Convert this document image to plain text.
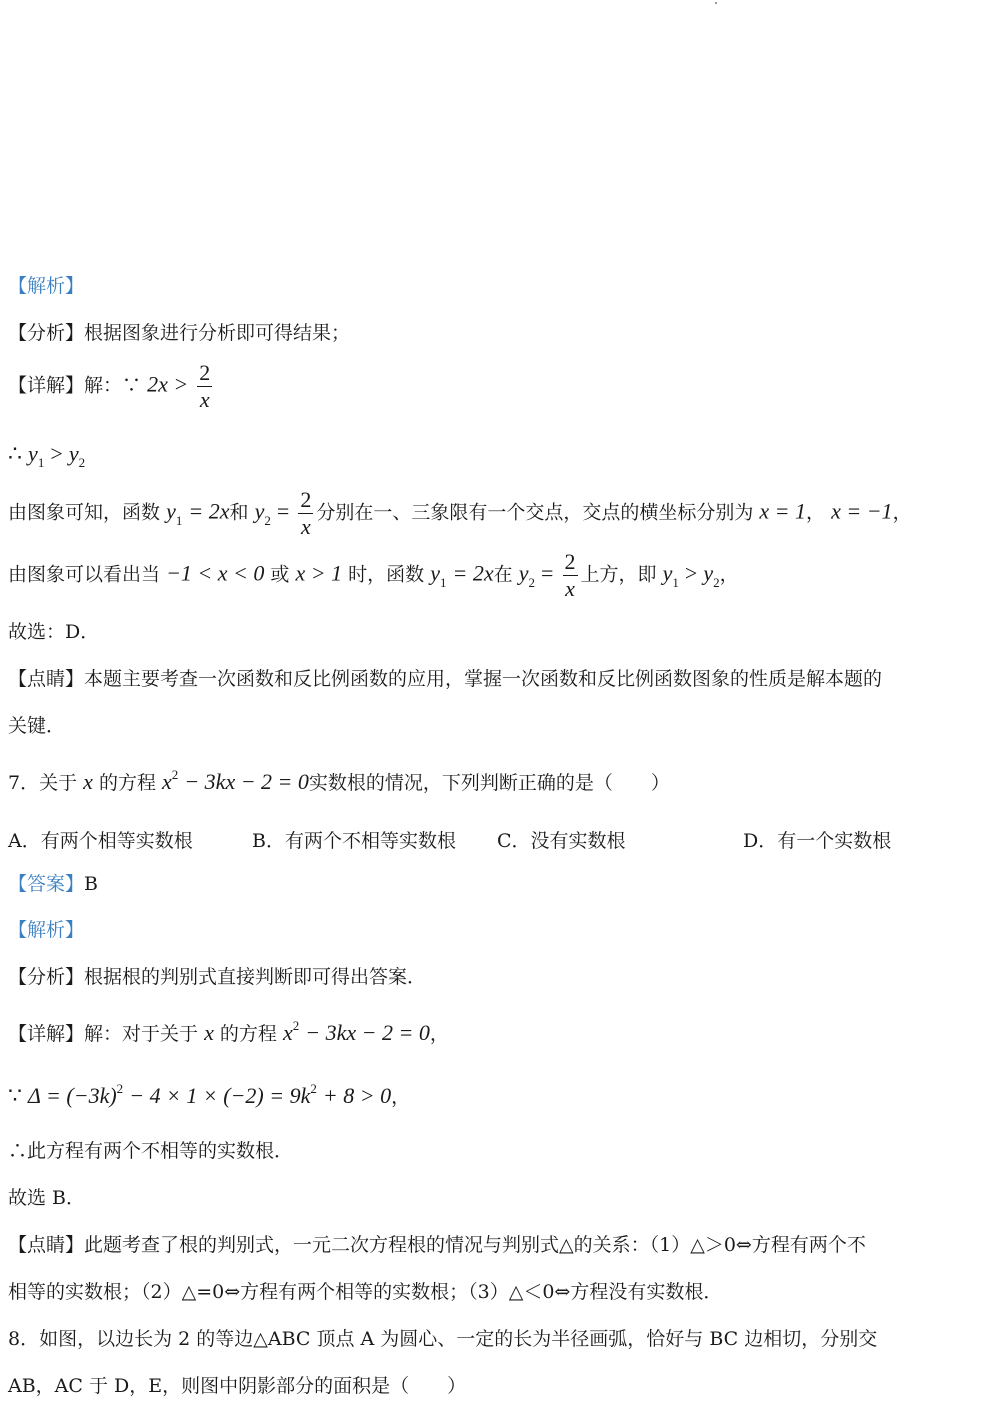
【解析】
【分析】根据图象进行分析即可得结果；
【详解】解：∵ $2x > \frac{2}{x}$
∴ $y_1 > y_2$
由图象可知，函数 $y_1 = 2x$和 $y_2 = \frac{2}{x}$ 分别在一、三象限有一个交点，交点的横坐标分别为 x = 1， x = −1，
由图象可以看出当 −1 < x < 0 或 x > 1 时，函数 $y_1 = 2x$在 $y_2 = \frac{2}{x}$ 上方，即 $y_1 > y_2$，
故选：D．
【点睛】本题主要考查一次函数和反比例函数的应用，掌握一次函数和反比例函数图象的性质是解本题的
关键．
7．关于 x 的方程 $x^2 - 3kx - 2 = 0$实数根的情况，下列判断正确的是（　　）
A．有两个相等实数根	B．有两个不相等实数根 C．没有实数根	D．有一个实数根
【答案】B
【解析】
【分析】根据根的判别式直接判断即可得出答案．
【详解】解：对于关于 x 的方程 $x^2 - 3kx - 2 = 0$，
∵ $\Delta = (-3k)^2 - 4 \times 1 \times (-2) = 9k^2 + 8 > 0$，
∴此方程有两个不相等的实数根．
故选 B．
【点睛】此题考查了根的判别式，一元二次方程根的情况与判别式△的关系：（1）△＞0⇔方程有两个不
相等的实数根；（2）△=0⇔方程有两个相等的实数根；（3）△＜0⇔方程没有实数根．
8．如图，以边长为 2 的等边△ABC 顶点 A 为圆心、一定的长为半径画弧，恰好与 BC 边相切，分别交
AB，AC 于 D，E，则图中阴影部分的面积是（　　）
